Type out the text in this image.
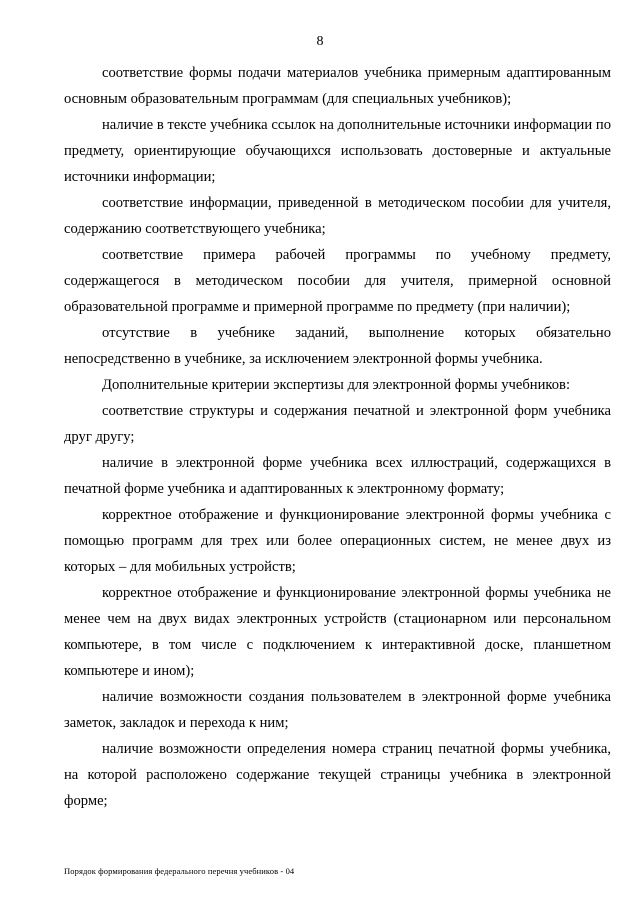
8

соответствие формы подачи материалов учебника примерным адаптированным основным образовательным программам (для специальных учебников);

наличие в тексте учебника ссылок на дополнительные источники информации по предмету, ориентирующие обучающихся использовать достоверные и актуальные источники информации;

соответствие информации, приведенной в методическом пособии для учителя, содержанию соответствующего учебника;

соответствие примера рабочей программы по учебному предмету, содержащегося в методическом пособии для учителя, примерной основной образовательной программе и примерной программе по предмету (при наличии);

отсутствие в учебнике заданий, выполнение которых обязательно непосредственно в учебнике, за исключением электронной формы учебника.

Дополнительные критерии экспертизы для электронной формы учебников:

соответствие структуры и содержания печатной и электронной форм учебника друг другу;

наличие в электронной форме учебника всех иллюстраций, содержащихся в печатной форме учебника и адаптированных к электронному формату;

корректное отображение и функционирование электронной формы учебника с помощью программ для трех или более операционных систем, не менее двух из которых – для мобильных устройств;

корректное отображение и функционирование электронной формы учебника не менее чем на двух видах электронных устройств (стационарном или персональном компьютере, в том числе с подключением к интерактивной доске, планшетном компьютере и ином);

наличие возможности создания пользователем в электронной форме учебника заметок, закладок и перехода к ним;

наличие возможности определения номера страниц печатной формы учебника, на которой расположено содержание текущей страницы учебника в электронной форме;

Порядок формирования федерального перечня учебников - 04
